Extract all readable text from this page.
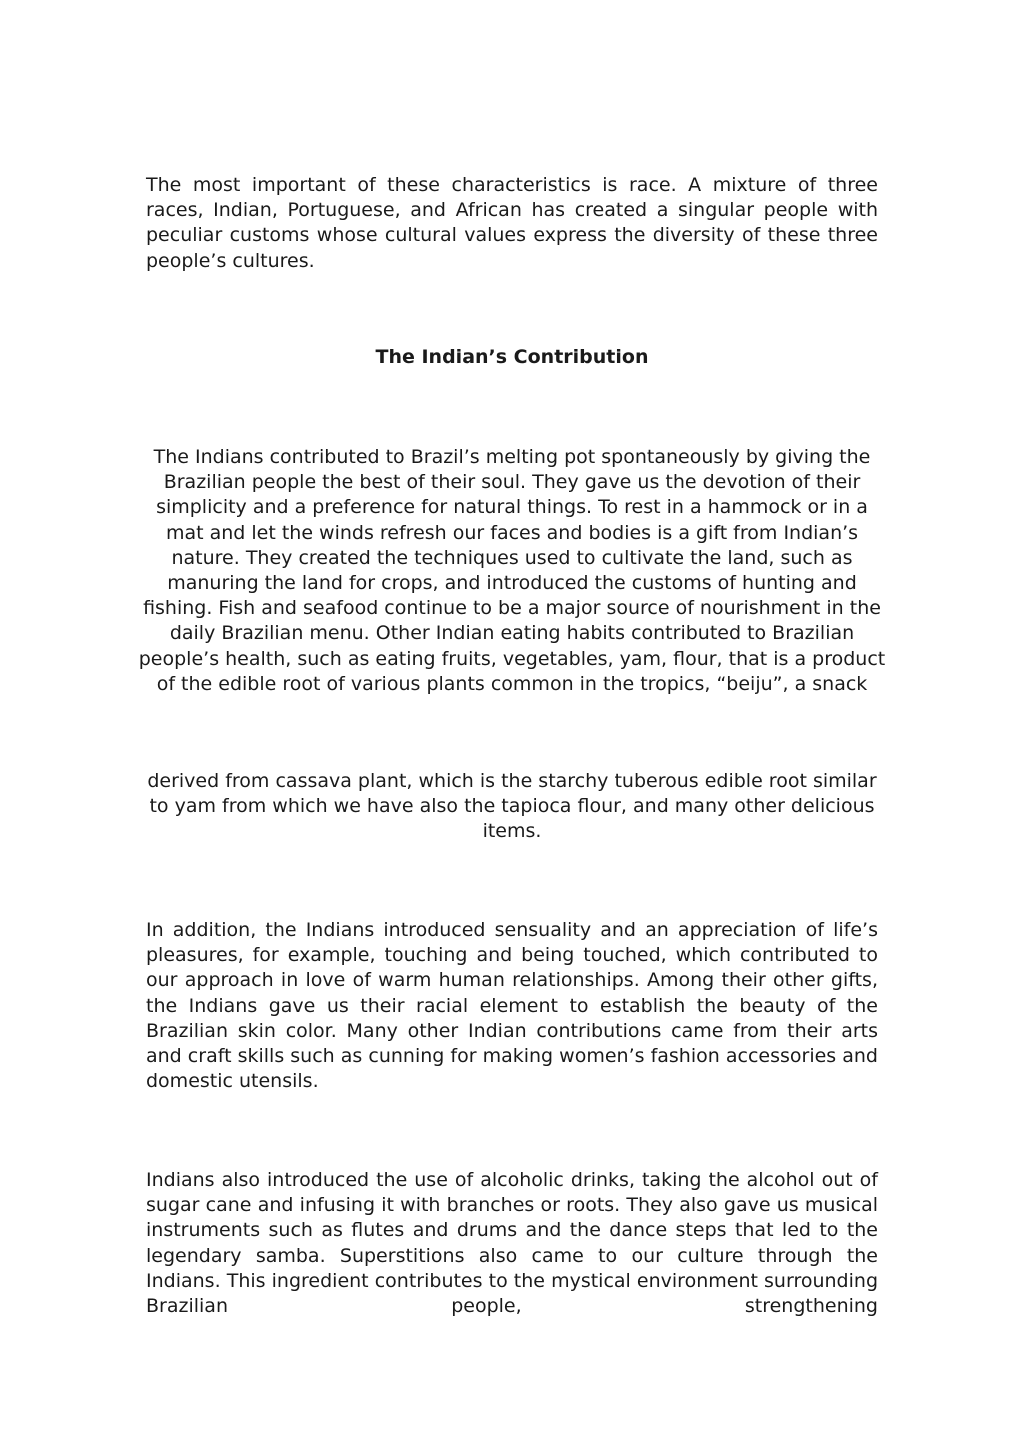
The most important of these characteristics is race. A mixture of three races, Indian, Portuguese, and African has created a singular people with peculiar customs whose cultural values express the diversity of these three people’s cultures.

The Indian’s Contribution

The Indians contributed to Brazil’s melting pot spontaneously by giving the Brazilian people the best of their soul. They gave us the devotion of their simplicity and a preference for natural things. To rest in a hammock or in a mat and let the winds refresh our faces and bodies is a gift from Indian’s nature. They created the techniques used to cultivate the land, such as manuring the land for crops, and introduced the customs of hunting and fishing. Fish and seafood continue to be a major source of nourishment in the daily Brazilian menu. Other Indian eating habits contributed to Brazilian people’s health, such as eating fruits, vegetables, yam, flour, that is a product of the edible root of various plants common in the tropics, “beiju”, a snack

derived from cassava plant, which is the starchy tuberous edible root similar to yam from which we have also the tapioca flour, and many other delicious items.

In addition, the Indians introduced sensuality and an appreciation of life’s pleasures, for example, touching and being touched, which contributed to our approach in love of warm human relationships. Among their other gifts, the Indians gave us their racial element to establish the beauty of the Brazilian skin color. Many other Indian contributions came from their arts and craft skills such as cunning for making women’s fashion accessories and domestic utensils.

Indians also introduced the use of alcoholic drinks, taking the alcohol out of sugar cane and infusing it with branches or roots. They also gave us musical instruments such as flutes and drums and the dance steps that led to the legendary samba. Superstitions also came to our culture through the Indians. This ingredient contributes to the mystical environment surrounding Brazilian people, strengthening
